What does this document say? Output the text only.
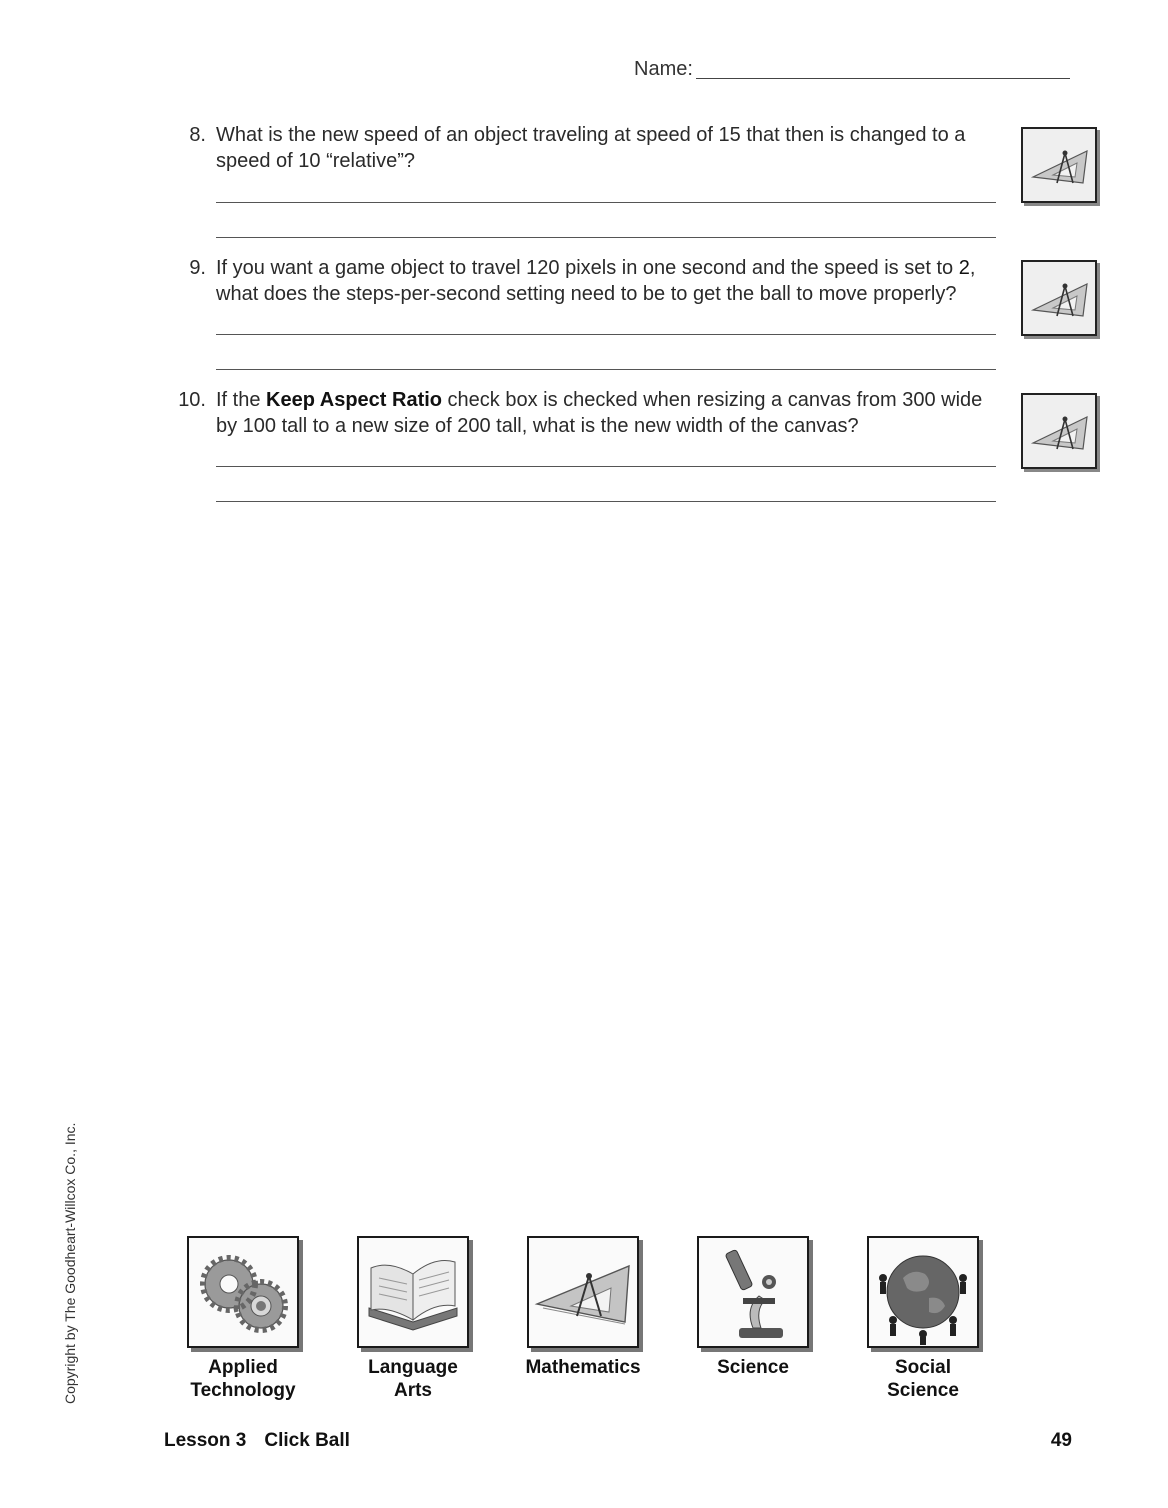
Name:
8. What is the new speed of an object traveling at speed of 15 that then is changed to a speed of 10 “relative”?
9. If you want a game object to travel 120 pixels in one second and the speed is set to 2, what does the steps-per-second setting need to be to get the ball to move properly?
10. If the Keep Aspect Ratio check box is checked when resizing a canvas from 300 wide by 100 tall to a new size of 200 tall, what is the new width of the canvas?
Copyright by The Goodheart-Willcox Co., Inc.	Applied
Technology
Language
Arts
Mathematics	Science	Social
Science
Lesson 3 Click Ball	49
